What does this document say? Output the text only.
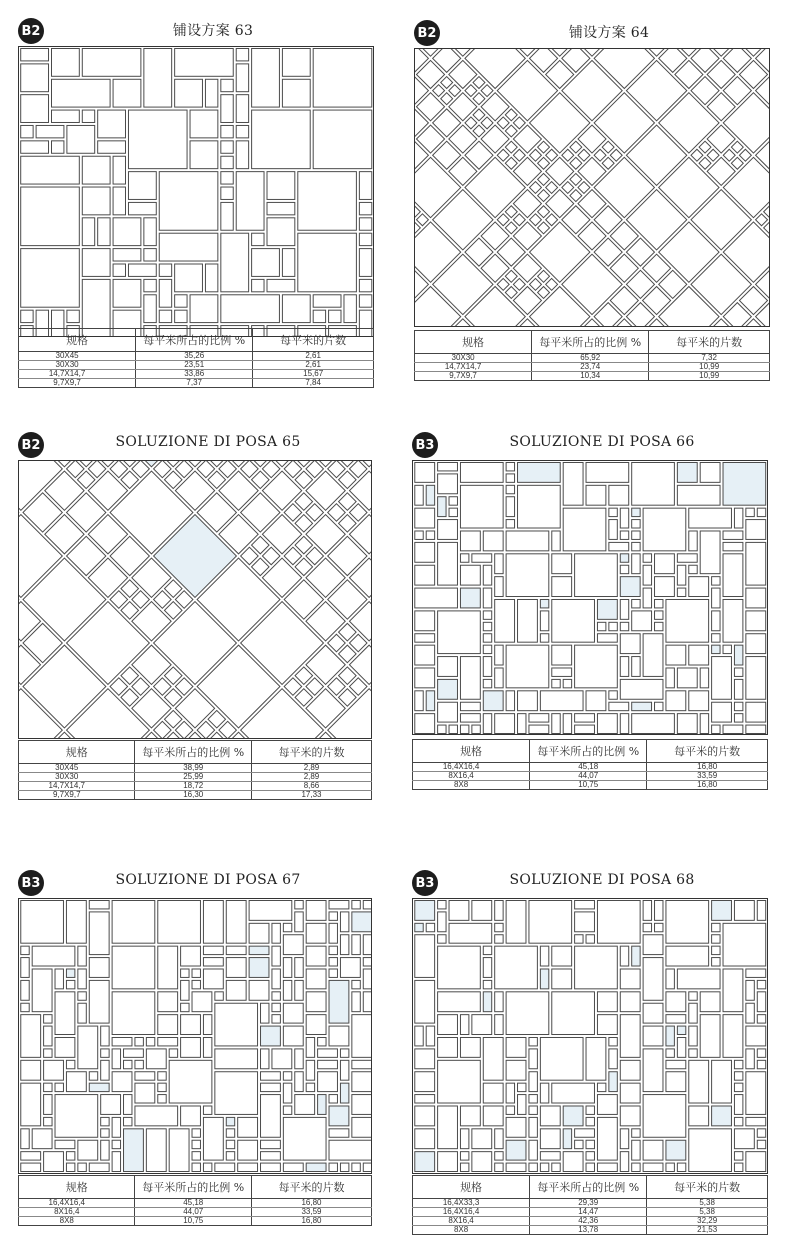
B2	铺设方案 63
规格	每平米所占的比例 %	每平米的片数
30X45	35,26	2,61
30X30	23,51	2,61
14,7X14,7	33,86	15,67
9,7X9,7	7,37	7,84
B2	铺设方案 64
规格	每平米所占的比例 %	每平米的片数
30X30	65,92	7,32
14,7X14,7	23,74	10,99
9,7X9,7	10,34	10,99
B2	SOLUZIONE DI POSA 65
规格	每平米所占的比例 %	每平米的片数
30X45	38,99	2,89
30X30	25,99	2,89
14,7X14,7	18,72	8,66
9,7X9,7	16,30	17,33
B3	SOLUZIONE DI POSA 66
规格	每平米所占的比例 %	每平米的片数
16,4X16,4	45,18	16,80
8X16,4	44,07	33,59
8X8	10,75	16,80
B3	SOLUZIONE DI POSA 67
规格	每平米所占的比例 %	每平米的片数
16,4X16,4	45,18	16,80
8X16,4	44,07	33,59
8X8	10,75	16,80
B3	SOLUZIONE DI POSA 68
规格	每平米所占的比例 %	每平米的片数
16,4X33,3	29,39	5,38
16,4X16,4	14,47	5,38
8X16,4	42,36	32,29
8X8	13,78	21,53
